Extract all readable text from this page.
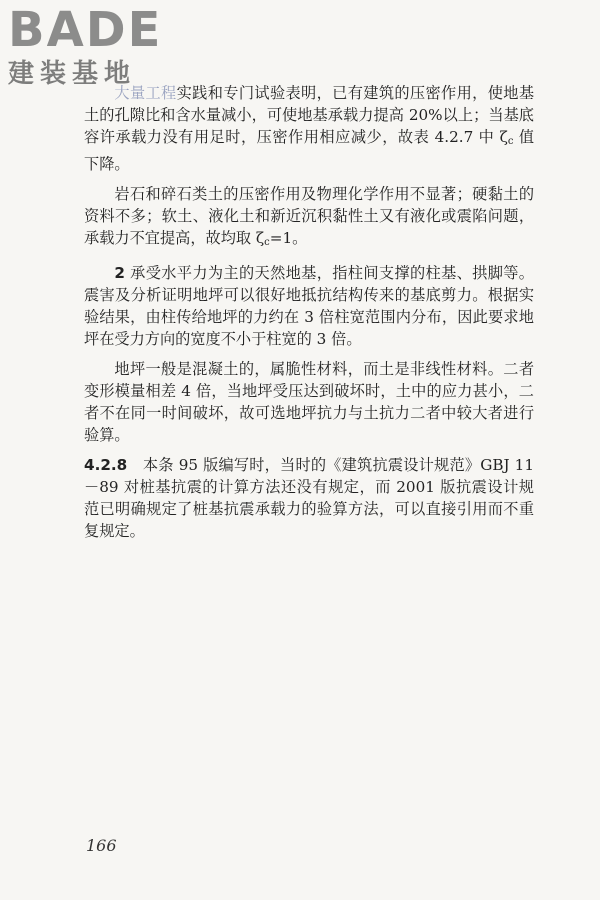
BADE
建装基地

大量工程实践和专门试验表明，已有建筑的压密作用，使地基土的孔隙比和含水量减小，可使地基承载力提高 20%以上；当基底容许承载力没有用足时，压密作用相应减少，故表 4.2.7 中 $\zeta_c$ 值下降。

岩石和碎石类土的压密作用及物理化学作用不显著；硬黏土的资料不多；软土、液化土和新近沉积黏性土又有液化或震陷问题，承载力不宜提高，故均取 $\zeta_c=1$。

2 承受水平力为主的天然地基，指柱间支撑的柱基、拱脚等。震害及分析证明地坪可以很好地抵抗结构传来的基底剪力。根据实验结果，由柱传给地坪的力约在 3 倍柱宽范围内分布，因此要求地坪在受力方向的宽度不小于柱宽的 3 倍。

地坪一般是混凝土的，属脆性材料，而土是非线性材料。二者变形模量相差 4 倍，当地坪受压达到破坏时，土中的应力甚小，二者不在同一时间破坏，故可选地坪抗力与土抗力二者中较大者进行验算。

4.2.8　本条 95 版编写时，当时的《建筑抗震设计规范》GBJ 11－89 对桩基抗震的计算方法还没有规定，而 2001 版抗震设计规范已明确规定了桩基抗震承载力的验算方法，可以直接引用而不重复规定。

166
